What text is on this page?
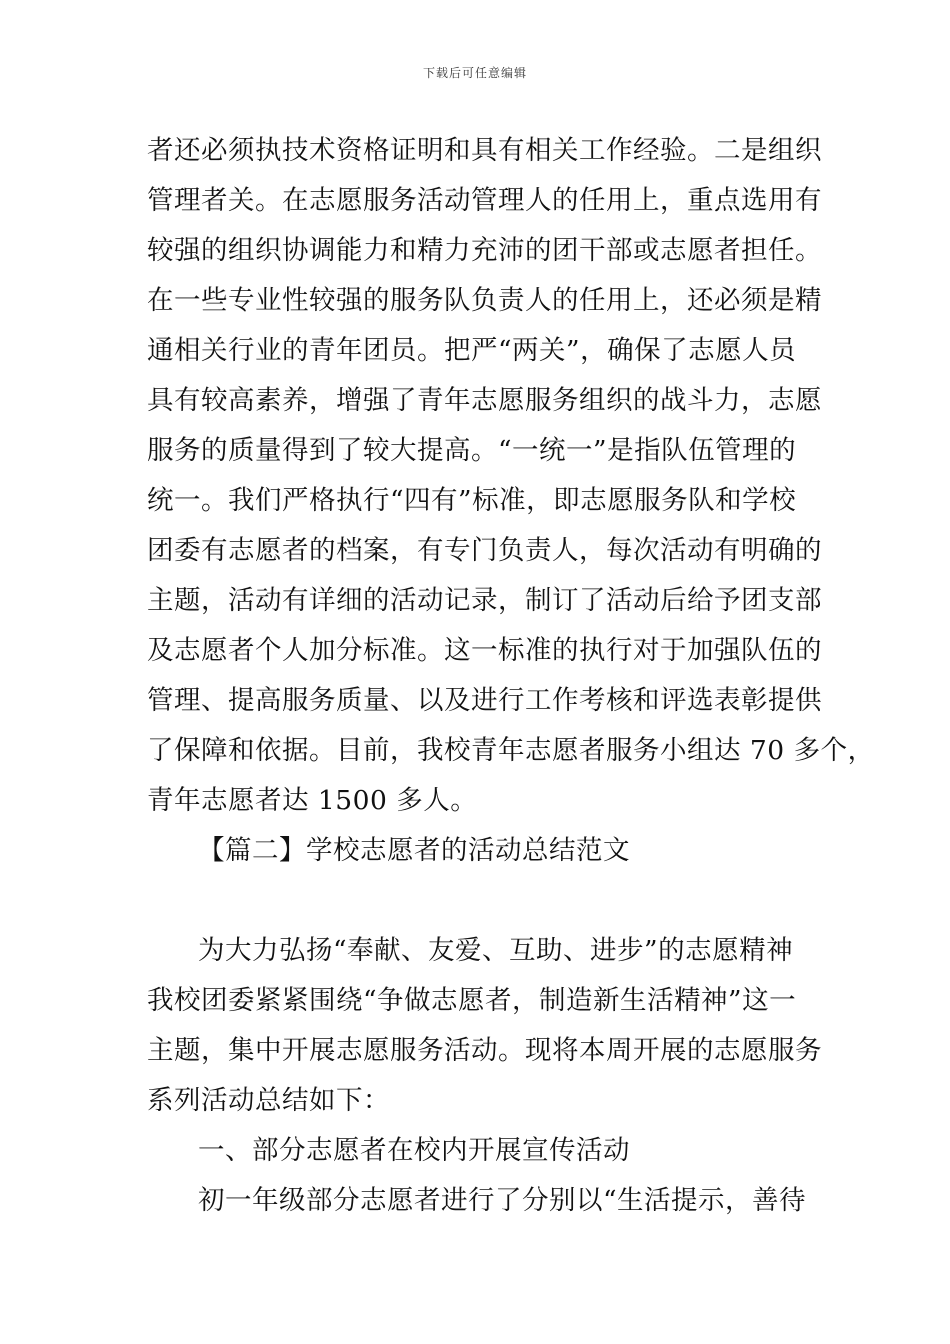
下载后可任意编辑
者还必须执技术资格证明和具有相关工作经验。二是组织
管理者关。在志愿服务活动管理人的任用上，重点选用有
较强的组织协调能力和精力充沛的团干部或志愿者担任。
在一些专业性较强的服务队负责人的任用上，还必须是精
通相关行业的青年团员。把严“两关”，确保了志愿人员
具有较高素养，增强了青年志愿服务组织的战斗力，志愿
服务的质量得到了较大提高。“一统一”是指队伍管理的
统一。我们严格执行“四有”标准，即志愿服务队和学校
团委有志愿者的档案，有专门负责人，每次活动有明确的
主题，活动有详细的活动记录，制订了活动后给予团支部
及志愿者个人加分标准。这一标准的执行对于加强队伍的
管理、提高服务质量、以及进行工作考核和评选表彰提供
了保障和依据。目前，我校青年志愿者服务小组达 70 多个，
青年志愿者达 1500 多人。
【篇二】学校志愿者的活动总结范文
为大力弘扬“奉献、友爱、互助、进步”的志愿精神
我校团委紧紧围绕“争做志愿者，制造新生活精神”这一
主题，集中开展志愿服务活动。现将本周开展的志愿服务
系列活动总结如下：
一、部分志愿者在校内开展宣传活动
初一年级部分志愿者进行了分别以“生活提示，善待
